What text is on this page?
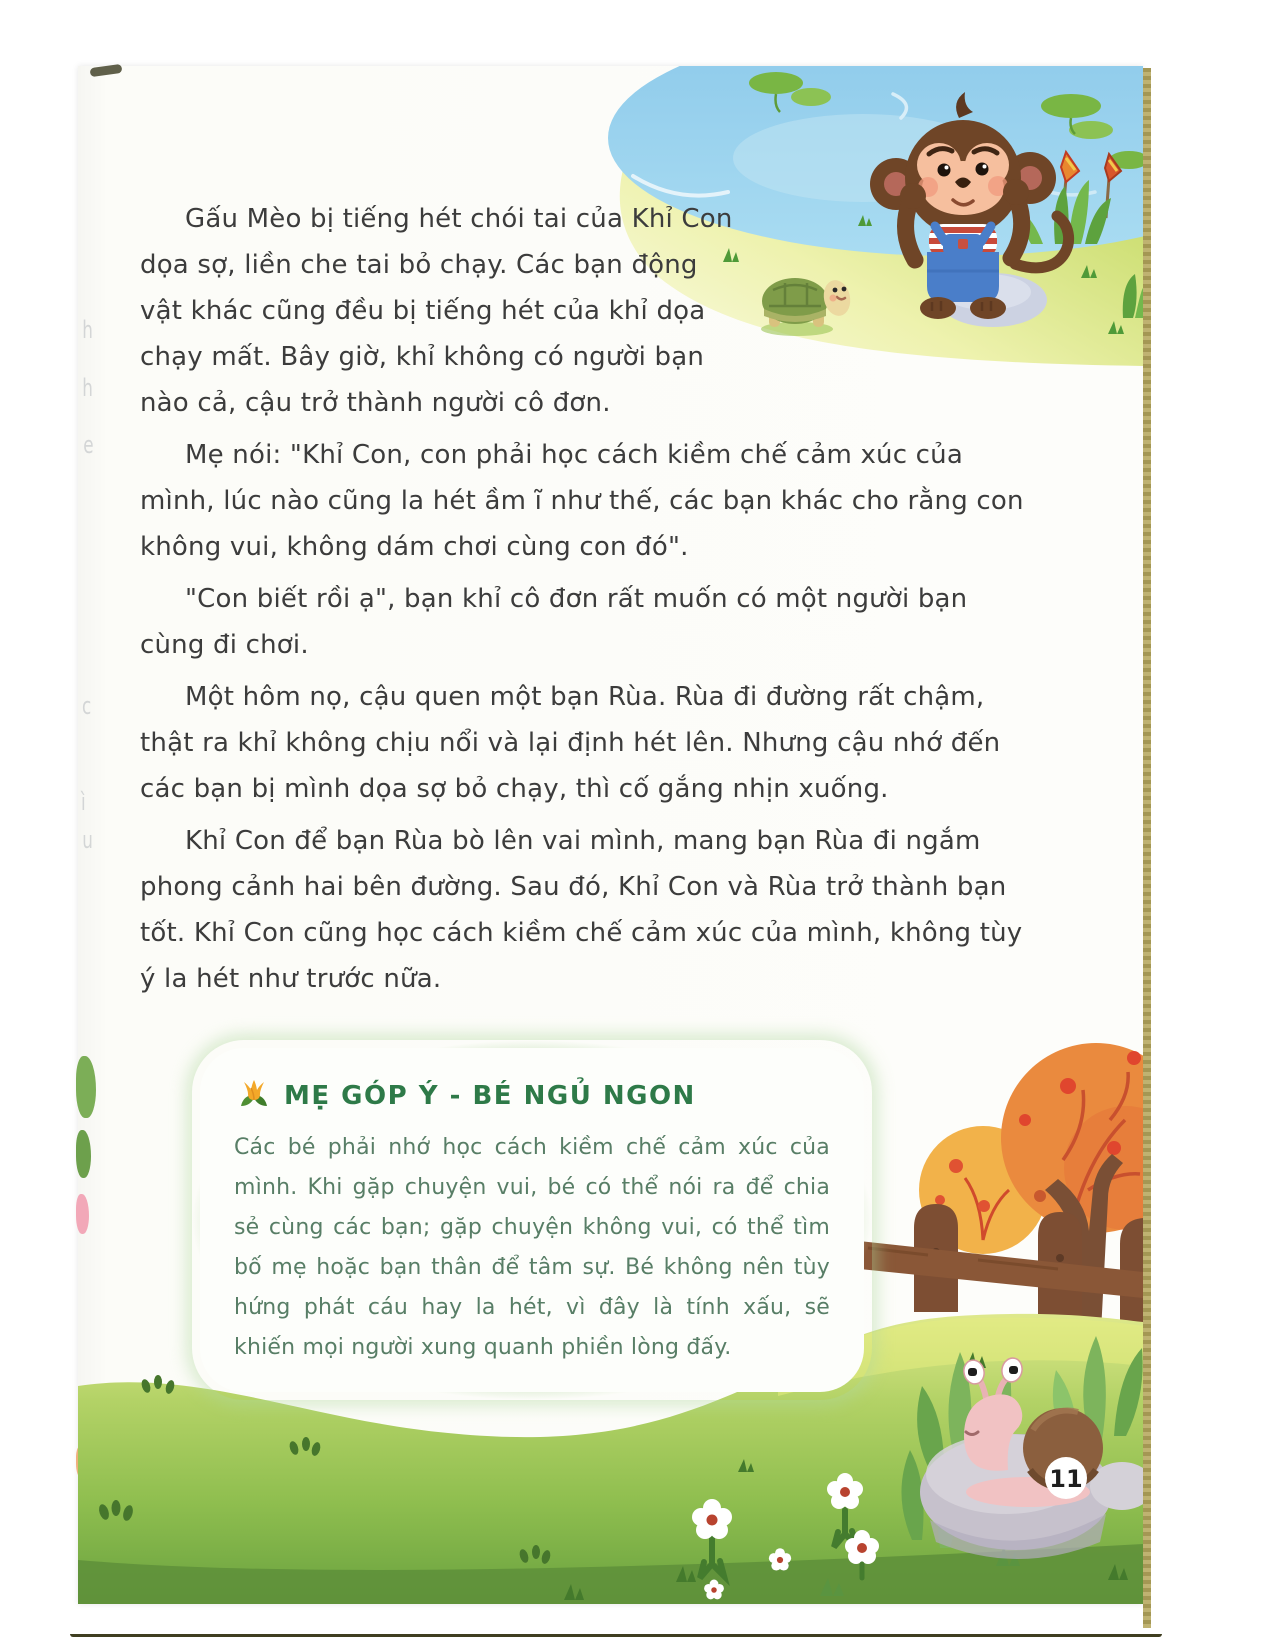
h
h
e
c
ì
u

Gấu Mèo bị tiếng hét chói tai của Khỉ Con dọa sợ, liền che tai bỏ chạy. Các bạn động vật khác cũng đều bị tiếng hét của khỉ dọa chạy mất. Bây giờ, khỉ không có người bạn nào cả, cậu trở thành người cô đơn.

Mẹ nói: "Khỉ Con, con phải học cách kiềm chế cảm xúc của mình, lúc nào cũng la hét ầm ĩ như thế, các bạn khác cho rằng con không vui, không dám chơi cùng con đó".

"Con biết rồi ạ", bạn khỉ cô đơn rất muốn có một người bạn cùng đi chơi.

Một hôm nọ, cậu quen một bạn Rùa. Rùa đi đường rất chậm, thật ra khỉ không chịu nổi và lại định hét lên. Nhưng cậu nhớ đến các bạn bị mình dọa sợ bỏ chạy, thì cố gắng nhịn xuống.

Khỉ Con để bạn Rùa bò lên vai mình, mang bạn Rùa đi ngắm phong cảnh hai bên đường. Sau đó, Khỉ Con và Rùa trở thành bạn tốt. Khỉ Con cũng học cách kiềm chế cảm xúc của mình, không tùy ý la hét như trước nữa.

11
MẸ GÓP Ý - BÉ NGỦ NGON
Các bé phải nhớ học cách kiềm chế cảm xúc của mình. Khi gặp chuyện vui, bé có thể nói ra để chia sẻ cùng các bạn; gặp chuyện không vui, có thể tìm bố mẹ hoặc bạn thân để tâm sự. Bé không nên tùy hứng phát cáu hay la hét, vì đây là tính xấu, sẽ khiến mọi người xung quanh phiền lòng đấy.
